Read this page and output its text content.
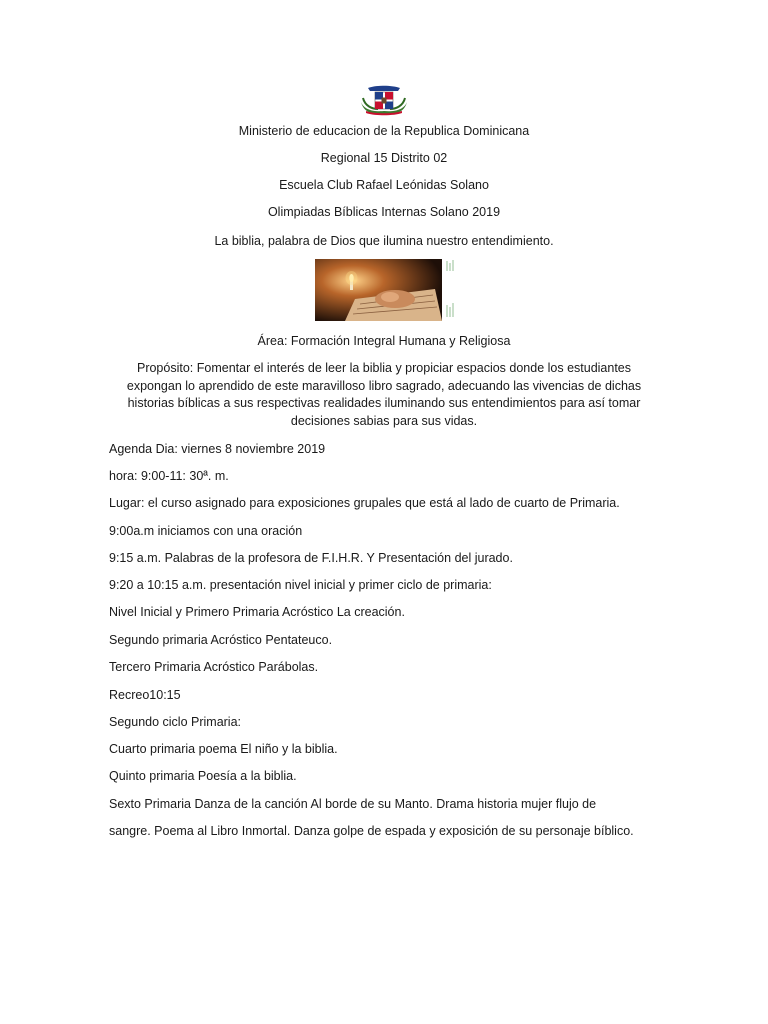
Ministerio de educacion de la Republica Dominicana
Regional 15 Distrito 02
Escuela Club Rafael Leónidas Solano
Olimpiadas Bíblicas Internas Solano 2019
La biblia, palabra de Dios que ilumina nuestro entendimiento.
Área: Formación Integral Humana y Religiosa
Propósito: Fomentar el interés de leer la biblia y propiciar espacios donde los estudiantes expongan lo aprendido de este maravilloso libro sagrado, adecuando las vivencias de dichas historias bíblicas a sus respectivas realidades iluminando sus entendimientos para así tomar decisiones sabias para sus vidas.
Agenda Dia: viernes 8 noviembre 2019
hora: 9:00-11: 30ª. m.
Lugar: el curso asignado para exposiciones grupales que está al lado de cuarto de Primaria.
9:00a.m iniciamos con una oración
9:15 a.m. Palabras de la profesora de F.I.H.R. Y Presentación del jurado.
9:20 a 10:15 a.m. presentación nivel inicial y primer ciclo de primaria:
Nivel Inicial y Primero Primaria Acróstico La creación.
Segundo primaria Acróstico Pentateuco.
Tercero Primaria Acróstico Parábolas.
Recreo10:15
Segundo ciclo Primaria:
Cuarto primaria poema El niño y la biblia.
Quinto primaria Poesía a la biblia.
Sexto Primaria Danza de la canción Al borde de su Manto. Drama historia mujer flujo de
sangre. Poema al Libro Inmortal. Danza golpe de espada y exposición de su personaje bíblico.
